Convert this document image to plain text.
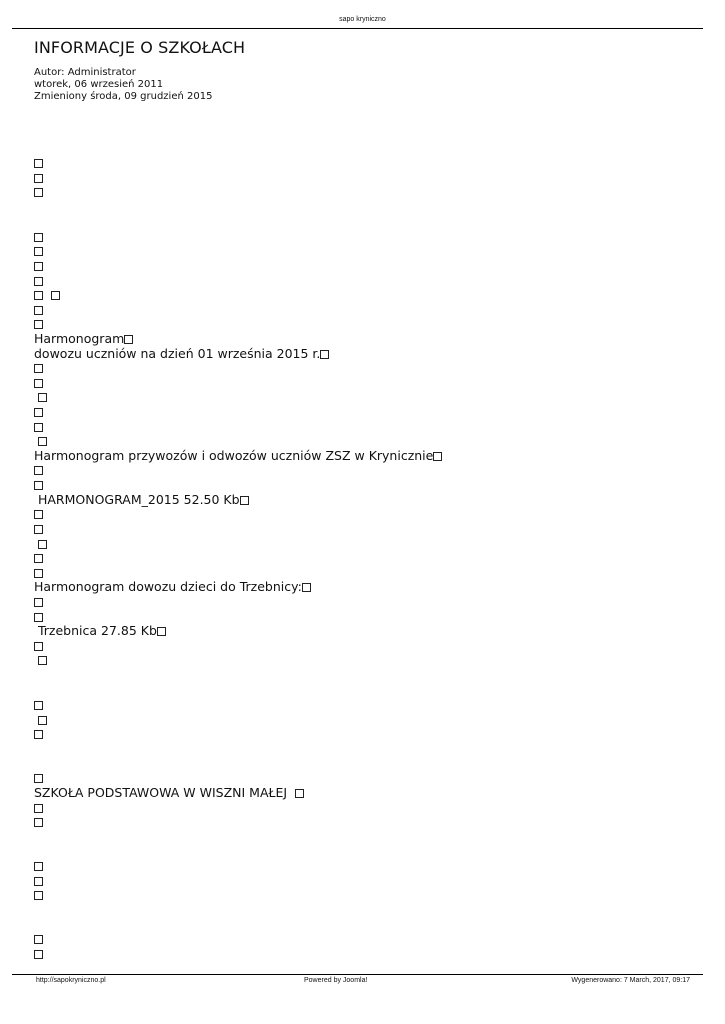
sapo kryniczno
INFORMACJE O SZKOŁACH
Autor: Administrator
wtorek, 06 wrzesień 2011
Zmieniony środa, 09 grudzień 2015

Harmonogram
dowozu uczniów na dzień 01 września 2015 r.

Harmonogram przywozów i odwozów uczniów ZSZ w Krynicznie
HARMONOGRAM_2015 52.50 Kb

Harmonogram dowozu dzieci do Trzebnicy:
Trzebnica 27.85 Kb

SZKOŁA PODSTAWOWA W WISZNI MAŁEJ
http://sapokryniczno.pl	Powered by Joomla!	Wygenerowano: 7 March, 2017, 09:17
